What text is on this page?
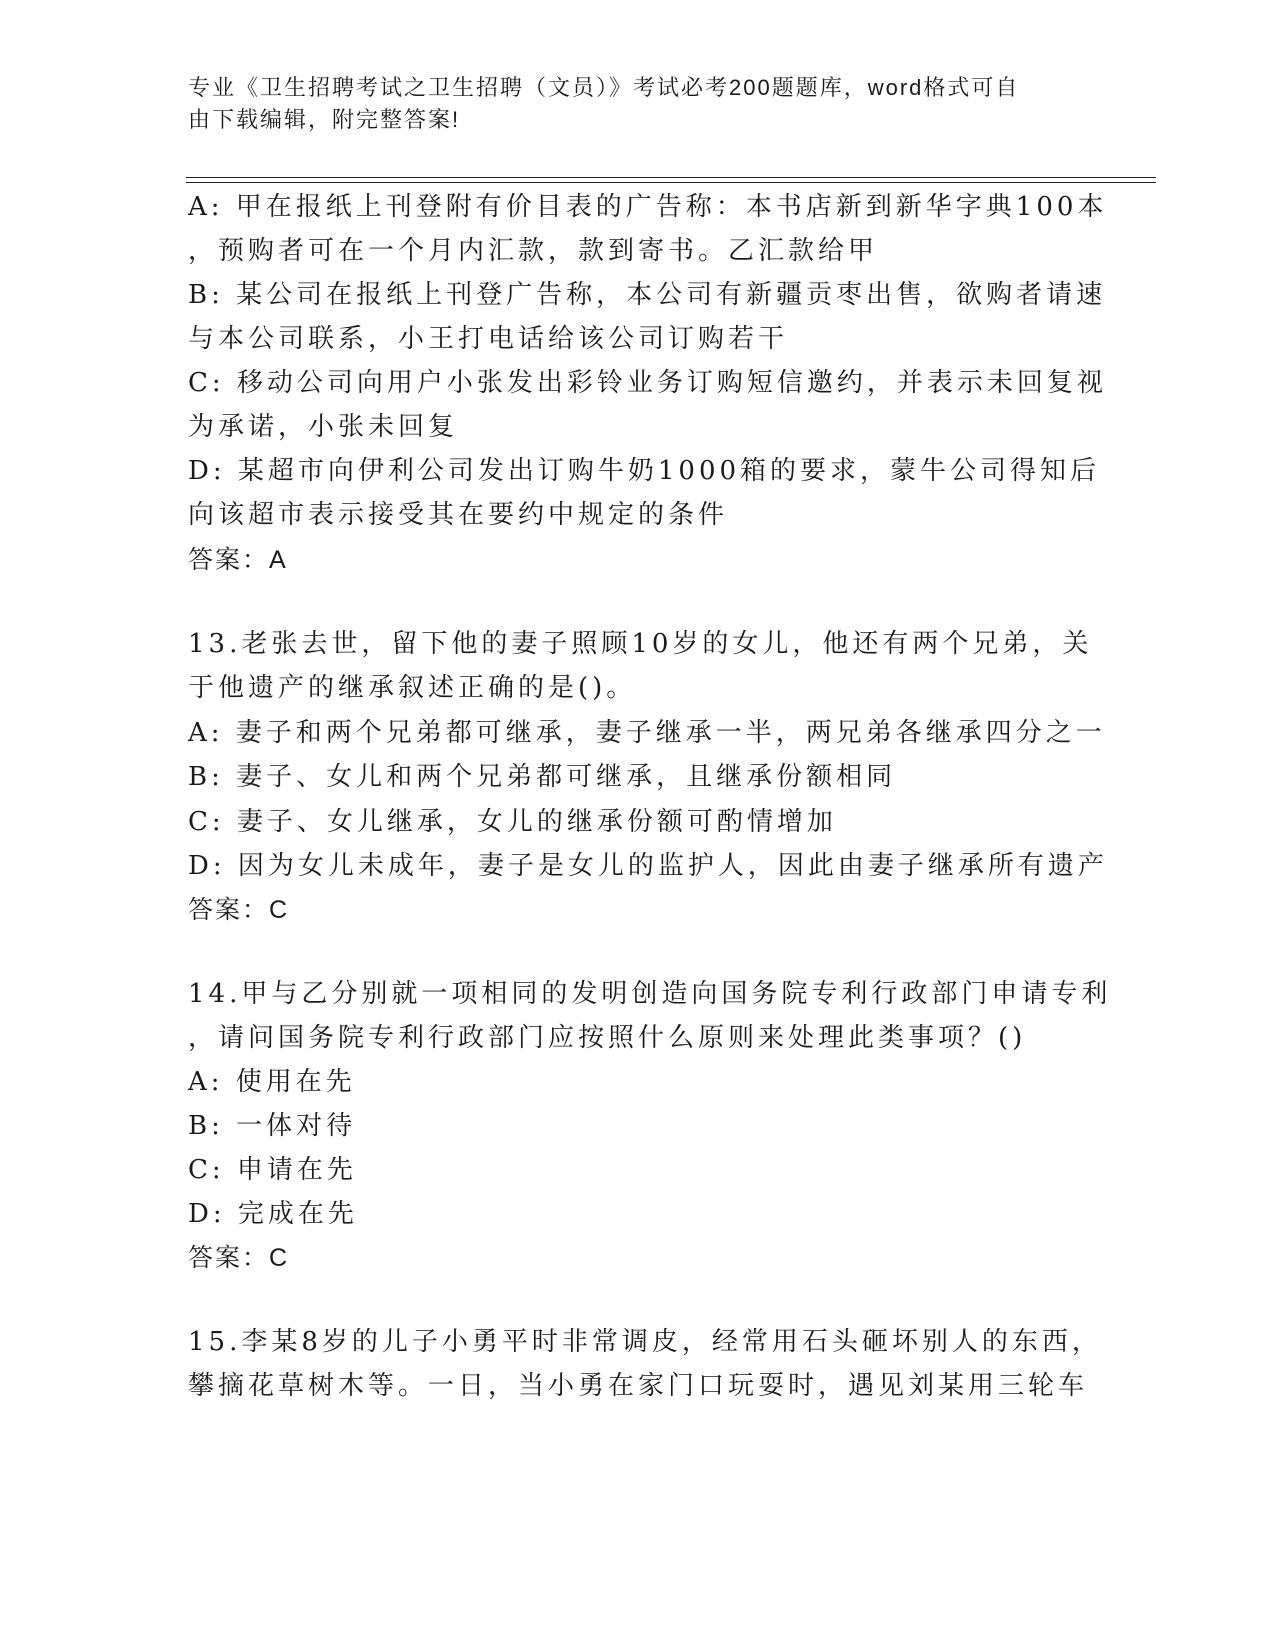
专业《卫生招聘考试之卫生招聘（文员）》考试必考200题题库，word格式可自
由下载编辑，附完整答案!
A: 甲在报纸上刊登附有价目表的广告称：本书店新到新华字典100本
，预购者可在一个月内汇款，款到寄书。乙汇款给甲
B: 某公司在报纸上刊登广告称，本公司有新疆贡枣出售，欲购者请速
与本公司联系，小王打电话给该公司订购若干
C: 移动公司向用户小张发出彩铃业务订购短信邀约，并表示未回复视
为承诺，小张未回复
D: 某超市向伊利公司发出订购牛奶1000箱的要求，蒙牛公司得知后
向该超市表示接受其在要约中规定的条件
答案：A
13.老张去世，留下他的妻子照顾10岁的女儿，他还有两个兄弟，关
于他遗产的继承叙述正确的是()。
A: 妻子和两个兄弟都可继承，妻子继承一半，两兄弟各继承四分之一
B: 妻子、女儿和两个兄弟都可继承，且继承份额相同
C: 妻子、女儿继承，女儿的继承份额可酌情增加
D: 因为女儿未成年，妻子是女儿的监护人，因此由妻子继承所有遗产
答案：C
14.甲与乙分别就一项相同的发明创造向国务院专利行政部门申请专利
，请问国务院专利行政部门应按照什么原则来处理此类事项？()
A: 使用在先
B: 一体对待
C: 申请在先
D: 完成在先
答案：C
15.李某8岁的儿子小勇平时非常调皮，经常用石头砸坏别人的东西，
攀摘花草树木等。一日，当小勇在家门口玩耍时，遇见刘某用三轮车
